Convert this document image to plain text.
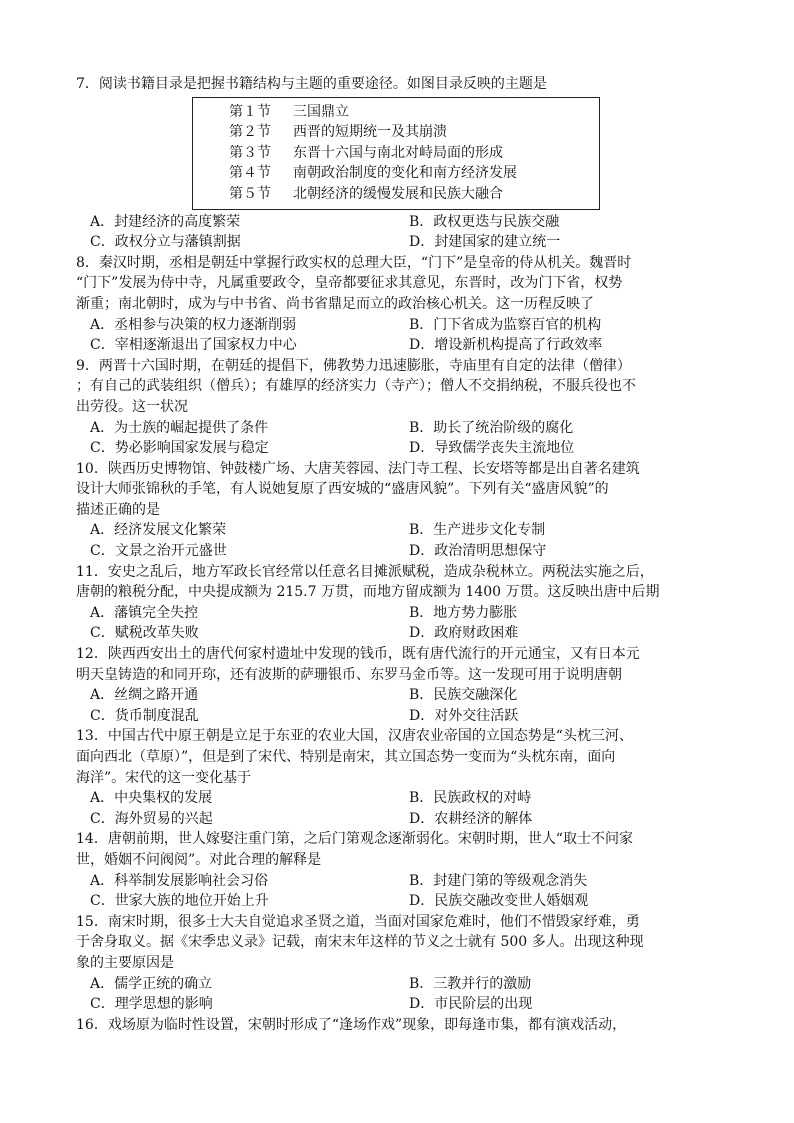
7．阅读书籍目录是把握书籍结构与主题的重要途径。如图目录反映的主题是
第１节 三国鼎立
第２节 西晋的短期统一及其崩溃
第３节 东晋十六国与南北对峙局面的形成
第４节 南朝政治制度的变化和南方经济发展
第５节 北朝经济的缓慢发展和民族大融合
A．封建经济的高度繁荣	B．政权更迭与民族交融
C．政权分立与藩镇割据	D．封建国家的建立统一
8．秦汉时期，丞相是朝廷中掌握行政实权的总理大臣，“门下”是皇帝的侍从机关。魏晋时
“门下”发展为侍中寺，凡属重要政令，皇帝都要征求其意见，东晋时，改为门下省，权势
渐重；南北朝时，成为与中书省、尚书省鼎足而立的政治核心机关。这一历程反映了
A．丞相参与决策的权力逐渐削弱	B．门下省成为监察百官的机构
C．宰相逐渐退出了国家权力中心	D．增设新机构提高了行政效率
9．两晋十六国时期，在朝廷的提倡下，佛教势力迅速膨胀，寺庙里有自定的法律（僧律）
；有自己的武装组织（僧兵）；有雄厚的经济实力（寺产）；僧人不交捐纳税，不服兵役也不
出劳役。这一状况
A．为士族的崛起提供了条件	B．助长了统治阶级的腐化
C．势必影响国家发展与稳定	D．导致儒学丧失主流地位
10．陕西历史博物馆、钟鼓楼广场、大唐芙蓉园、法门寺工程、长安塔等都是出自著名建筑
设计大师张锦秋的手笔，有人说她复原了西安城的“盛唐风貌”。下列有关“盛唐风貌”的
描述正确的是
A．经济发展文化繁荣	B．生产进步文化专制
C．文景之治开元盛世	D．政治清明思想保守
11．安史之乱后，地方军政长官经常以任意名目摊派赋税，造成杂税林立。两税法实施之后，
唐朝的粮税分配，中央提成额为 215.7 万贯，而地方留成额为 1400 万贯。这反映出唐中后期
A．藩镇完全失控	B．地方势力膨胀
C．赋税改革失败	D．政府财政困难
12．陕西西安出土的唐代何家村遗址中发现的钱币，既有唐代流行的开元通宝，又有日本元
明天皇铸造的和同开珎，还有波斯的萨珊银币、东罗马金币等。这一发现可用于说明唐朝
A．丝绸之路开通	B．民族交融深化
C．货币制度混乱	D．对外交往活跃
13．中国古代中原王朝是立足于东亚的农业大国，汉唐农业帝国的立国态势是“头枕三河、
面向西北（草原）”，但是到了宋代、特别是南宋，其立国态势一变而为“头枕东南，面向
海洋”。宋代的这一变化基于
A．中央集权的发展	B．民族政权的对峙
C．海外贸易的兴起	D．农耕经济的解体
14．唐朝前期，世人嫁娶注重门第，之后门第观念逐渐弱化。宋朝时期，世人“取士不问家
世，婚姻不问阀阅”。对此合理的解释是
A．科举制发展影响社会习俗	B．封建门第的等级观念消失
C．世家大族的地位开始上升	D．民族交融改变世人婚姻观
15．南宋时期，很多士大夫自觉追求圣贤之道，当面对国家危难时，他们不惜毁家纾难，勇
于舍身取义。据《宋季忠义录》记载，南宋末年这样的节义之士就有 500 多人。出现这种现
象的主要原因是
A．儒学正统的确立	B．三教并行的激励
C．理学思想的影响	D．市民阶层的出现
16．戏场原为临时性设置，宋朝时形成了“逢场作戏”现象，即每逢市集，都有演戏活动，
